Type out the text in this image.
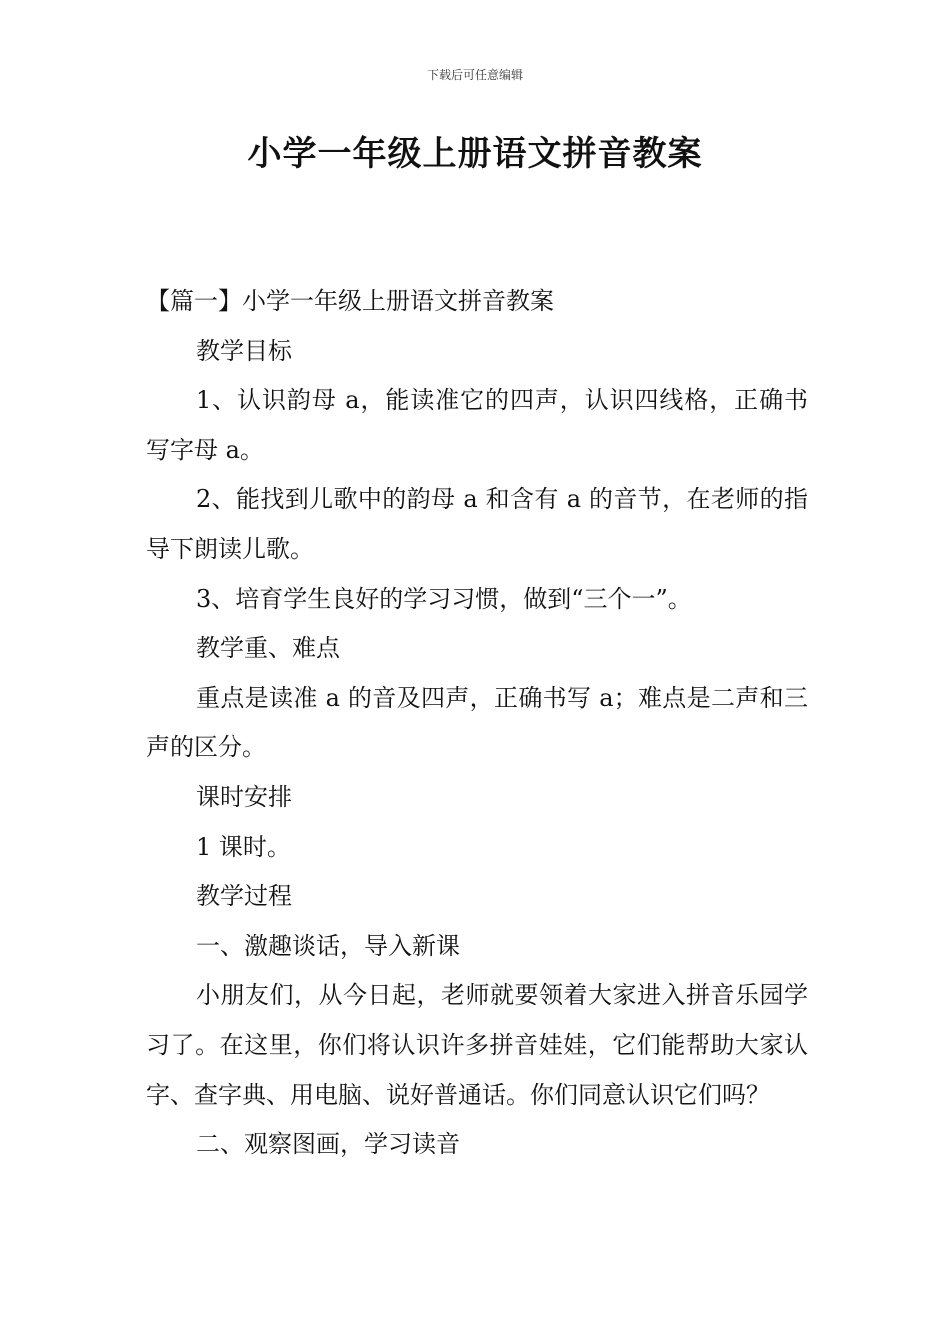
下载后可任意编辑
小学一年级上册语文拼音教案

【篇一】小学一年级上册语文拼音教案

教学目标

1、认识韵母 a，能读准它的四声，认识四线格，正确书写字母 a。

2、能找到儿歌中的韵母 a 和含有 a 的音节，在老师的指导下朗读儿歌。

3、培育学生良好的学习习惯，做到“三个一”。

教学重、难点

重点是读准 a 的音及四声，正确书写 a；难点是二声和三声的区分。

课时安排

1 课时。

教学过程

一、激趣谈话，导入新课

小朋友们，从今日起，老师就要领着大家进入拼音乐园学习了。在这里，你们将认识许多拼音娃娃，它们能帮助大家认字、查字典、用电脑、说好普通话。你们同意认识它们吗？

二、观察图画，学习读音
